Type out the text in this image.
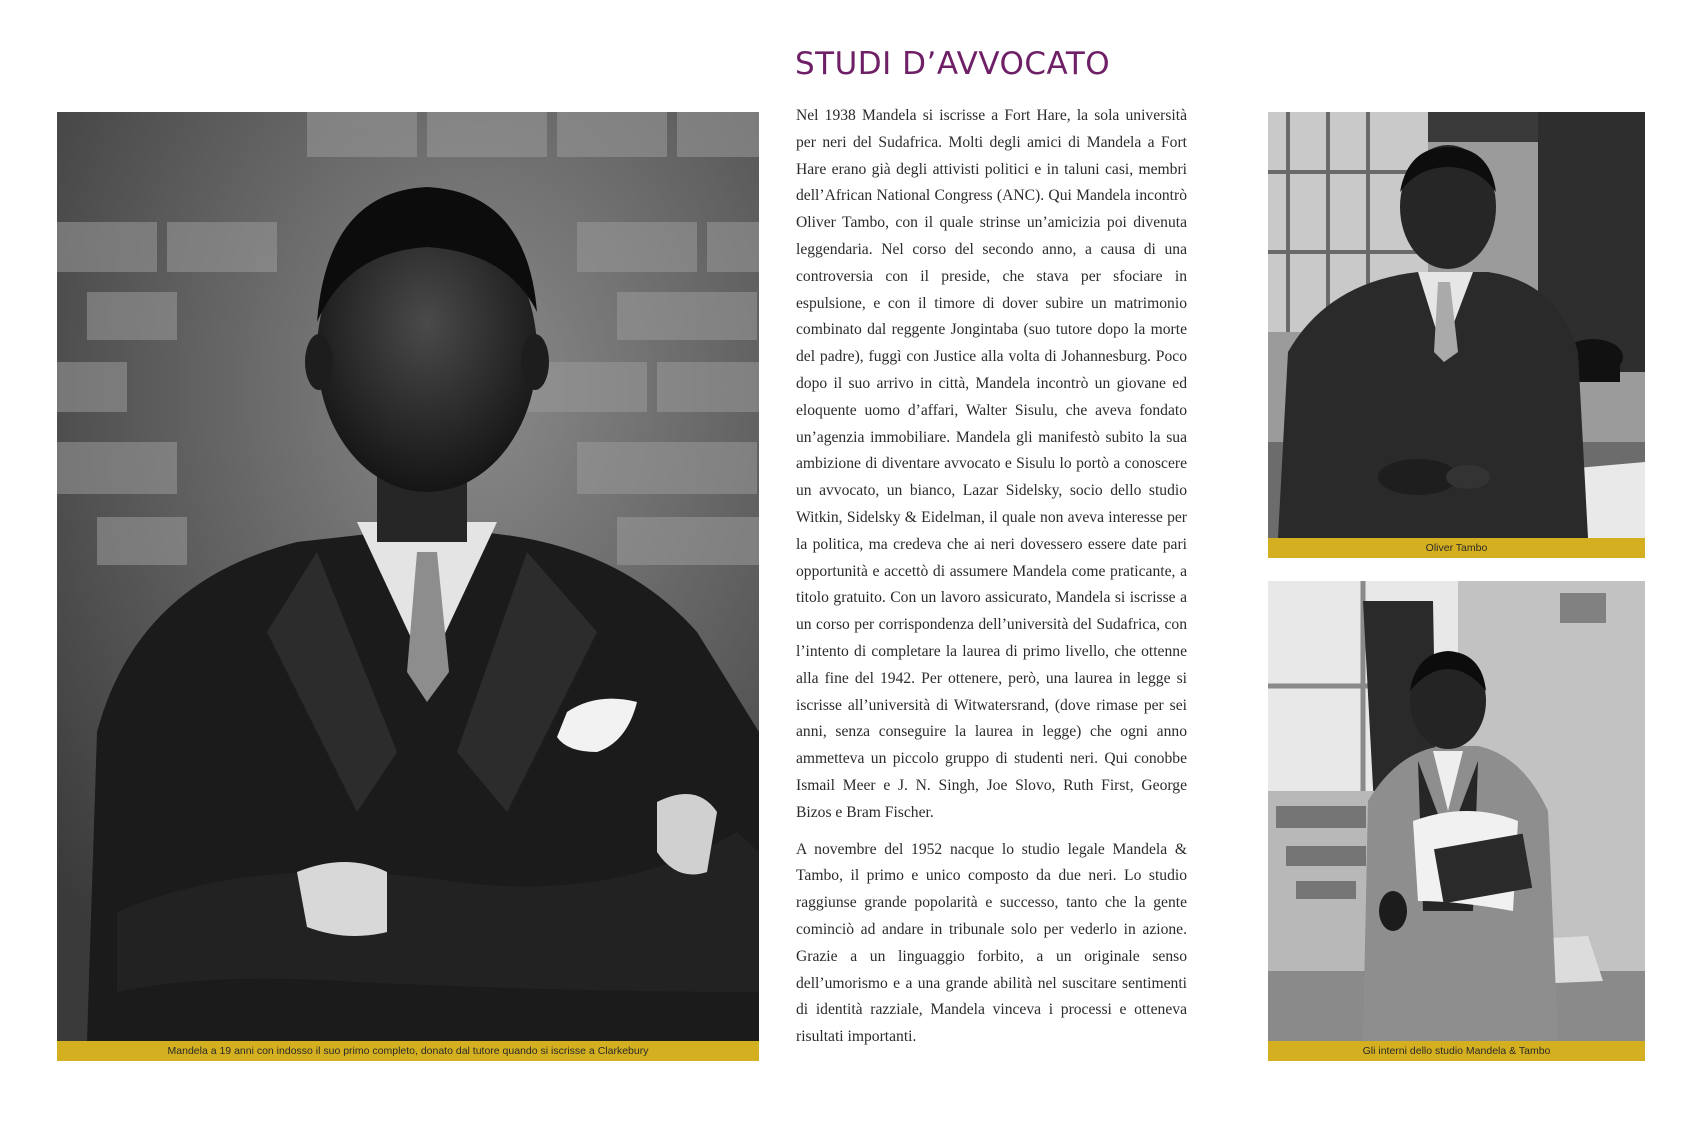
Mandela a 19 anni con indosso il suo primo completo, donato dal tutore quando si iscrisse a Clarkebury
STUDI D’AVVOCATO

Nel 1938 Mandela si iscrisse a Fort Hare, la sola università per neri del Sudafrica. Molti degli amici di Mandela a Fort Hare erano già degli attivisti politici e in taluni casi, membri dell’African National Congress (ANC). Qui Mandela incontrò Oliver Tambo, con il quale strinse un’amicizia poi divenuta leggendaria. Nel corso del secondo anno, a causa di una controversia con il preside, che stava per sfociare in espulsione, e con il timore di dover subire un matrimonio combinato dal reggente Jongintaba (suo tutore dopo la morte del padre), fuggì con Justice alla volta di Johannesburg. Poco dopo il suo arrivo in città, Mandela incontrò un giovane ed eloquente uomo d’affari, Walter Sisulu, che aveva fondato un’agenzia immobiliare. Mandela gli manifestò subito la sua ambizione di diventare avvocato e Sisulu lo portò a conoscere un avvocato, un bianco, Lazar Sidelsky, socio dello studio Witkin, Sidelsky & Eidelman, il quale non aveva interesse per la politica, ma credeva che ai neri dovessero essere date pari opportunità e accettò di assumere Mandela come praticante, a titolo gratuito. Con un lavoro assicurato, Mandela si iscrisse a un corso per corrispondenza dell’università del Sudafrica, con l’intento di completare la laurea di primo livello, che ottenne alla fine del 1942. Per ottenere, però, una laurea in legge si iscrisse all’università di Witwatersrand, (dove rimase per sei anni, senza conseguire la laurea in legge) che ogni anno ammetteva un piccolo gruppo di studenti neri. Qui conobbe Ismail Meer e J. N. Singh, Joe Slovo, Ruth First, George Bizos e Bram Fischer.

A novembre del 1952 nacque lo studio legale Mandela & Tambo, il primo e unico composto da due neri. Lo studio raggiunse grande popolarità e successo, tanto che la gente cominciò ad andare in tribunale solo per vederlo in azione. Grazie a un linguaggio forbito, a un originale senso dell’umorismo e a una grande abilità nel suscitare sentimenti di identità razziale, Mandela vinceva i processi e otteneva risultati importanti.

Oliver Tambo
Gli interni dello studio Mandela & Tambo
